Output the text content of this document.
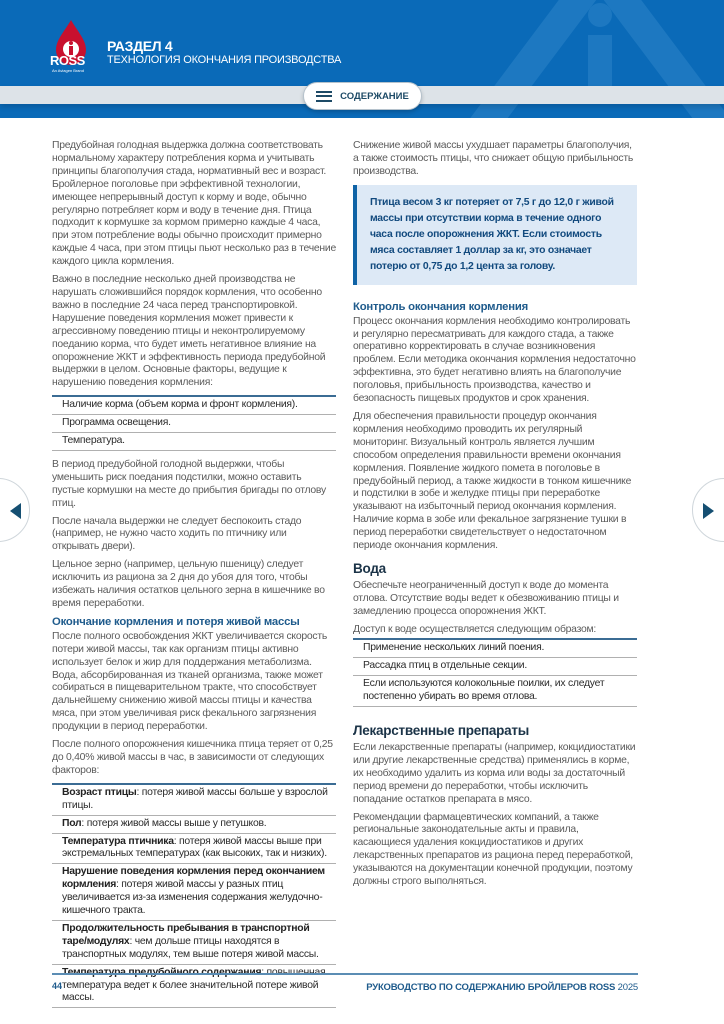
ROSS
An Aviagen Brand
РАЗДЕЛ 4
ТЕХНОЛОГИЯ ОКОНЧАНИЯ ПРОИЗВОДСТВА
СОДЕРЖАНИЕ

Предубойная голодная выдержка должна соответствовать нормальному характеру потребления корма и учитывать принципы благополучия стада, нормативный вес и возраст. Бройлерное поголовье при эффективной технологии, имеющее непрерывный доступ к корму и воде, обычно регулярно потребляет корм и воду в течение дня. Птица подходит к кормушке за кормом примерно каждые 4 часа, при этом потребление воды обычно происходит примерно каждые 4 часа, при этом птицы пьют несколько раз в течение каждого цикла кормления.

Важно в последние несколько дней производства не нарушать сложившийся порядок кормления, что особенно важно в последние 24 часа перед транспортировкой. Нарушение поведения кормления может привести к агрессивному поведению птицы и неконтролируемому поеданию корма, что будет иметь негативное влияние на опорожнение ЖКТ и эффективность периода предубойной выдержки в целом. Основные факторы, ведущие к нарушению поведения кормления:

Наличие корма (объем корма и фронт кормления).
Программа освещения.
Температура.

В период предубойной голодной выдержки, чтобы уменьшить риск поедания подстилки, можно оставить пустые кормушки на месте до прибытия бригады по отлову птиц.

После начала выдержки не следует беспокоить стадо (например, не нужно часто ходить по птичнику или открывать двери).

Цельное зерно (например, цельную пшеницу) следует исключить из рациона за 2 дня до убоя для того, чтобы избежать наличия остатков цельного зерна в кишечнике во время переработки.

Окончание кормления и потеря живой массы

После полного освобождения ЖКТ увеличивается скорость потери живой массы, так как организм птицы активно использует белок и жир для поддержания метаболизма. Вода, абсорбированная из тканей организма, также может собираться в пищеварительном тракте, что способствует дальнейшему снижению живой массы птицы и качества мяса, при этом увеличивая риск фекального загрязнения продукции в период переработки.

После полного опорожнения кишечника птица теряет от 0,25 до 0,40% живой массы в час, в зависимости от следующих факторов:

Возраст птицы: потеря живой массы больше у взрослой птицы.
Пол: потеря живой массы выше у петушков.
Температура птичника: потеря живой массы выше при экстремальных температурах (как высоких, так и низких).
Нарушение поведения кормления перед окончанием кормления: потеря живой массы у разных птиц увеличивается из-за изменения содержания желудочно-кишечного тракта.
Продолжительность пребывания в транспортной таре/модулях: чем дольше птицы находятся в транспортных модулях, тем выше потеря живой массы.
температура ведет к более значительной потере живой массы.

Снижение живой массы ухудшает параметры благополучия, а также стоимость птицы, что снижает общую прибыльность производства.

Птица весом 3 кг потеряет от 7,5 г до 12,0 г живой массы при отсутствии корма в течение одного часа после опорожнения ЖКТ. Если стоимость мяса составляет 1 доллар за кг, это означает потерю от 0,75 до 1,2 цента за голову.
Контроль окончания кормления

Процесс окончания кормления необходимо контролировать и регулярно пересматривать для каждого стада, а также оперативно корректировать в случае возникновения проблем. Если методика окончания кормления недостаточно эффективна, это будет негативно влиять на благополучие поголовья, прибыльность производства, качество и безопасность пищевых продуктов и срок хранения.

Для обеспечения правильности процедур окончания кормления необходимо проводить их регулярный мониторинг. Визуальный контроль является лучшим способом определения правильности времени окончания кормления. Появление жидкого помета в поголовье в предубойный период, а также жидкости в тонком кишечнике и подстилки в зобе и желудке птицы при переработке указывают на избыточный период окончания кормления. Наличие корма в зобе или фекальное загрязнение тушки в период переработки свидетельствует о недостаточном периоде окончания кормления.

Вода

Обеспечьте неограниченный доступ к воде до момента отлова. Отсутствие воды ведет к обезвоживанию птицы и замедлению процесса опорожнения ЖКТ.

Доступ к воде осуществляется следующим образом:

Применение нескольких линий поения.
Рассадка птиц в отдельные секции.
Если используются колокольные поилки, их следует постепенно убирать во время отлова.
Лекарственные препараты

Если лекарственные препараты (например, кокцидиостатики или другие лекарственные средства) применялись в корме, их необходимо удалить из корма или воды за достаточный период времени до переработки, чтобы исключить попадание остатков препарата в мясо.

Рекомендации фармацевтических компаний, а также региональные законодательные акты и правила, касающиеся удаления кокцидиостатиков и других лекарственных препаратов из рациона перед переработкой, указываются на документации конечной продукции, поэтому должны строго выполняться.

44	РУКОВОДСТВО ПО СОДЕРЖАНИЮ БРОЙЛЕРОВ ROSS 2025
